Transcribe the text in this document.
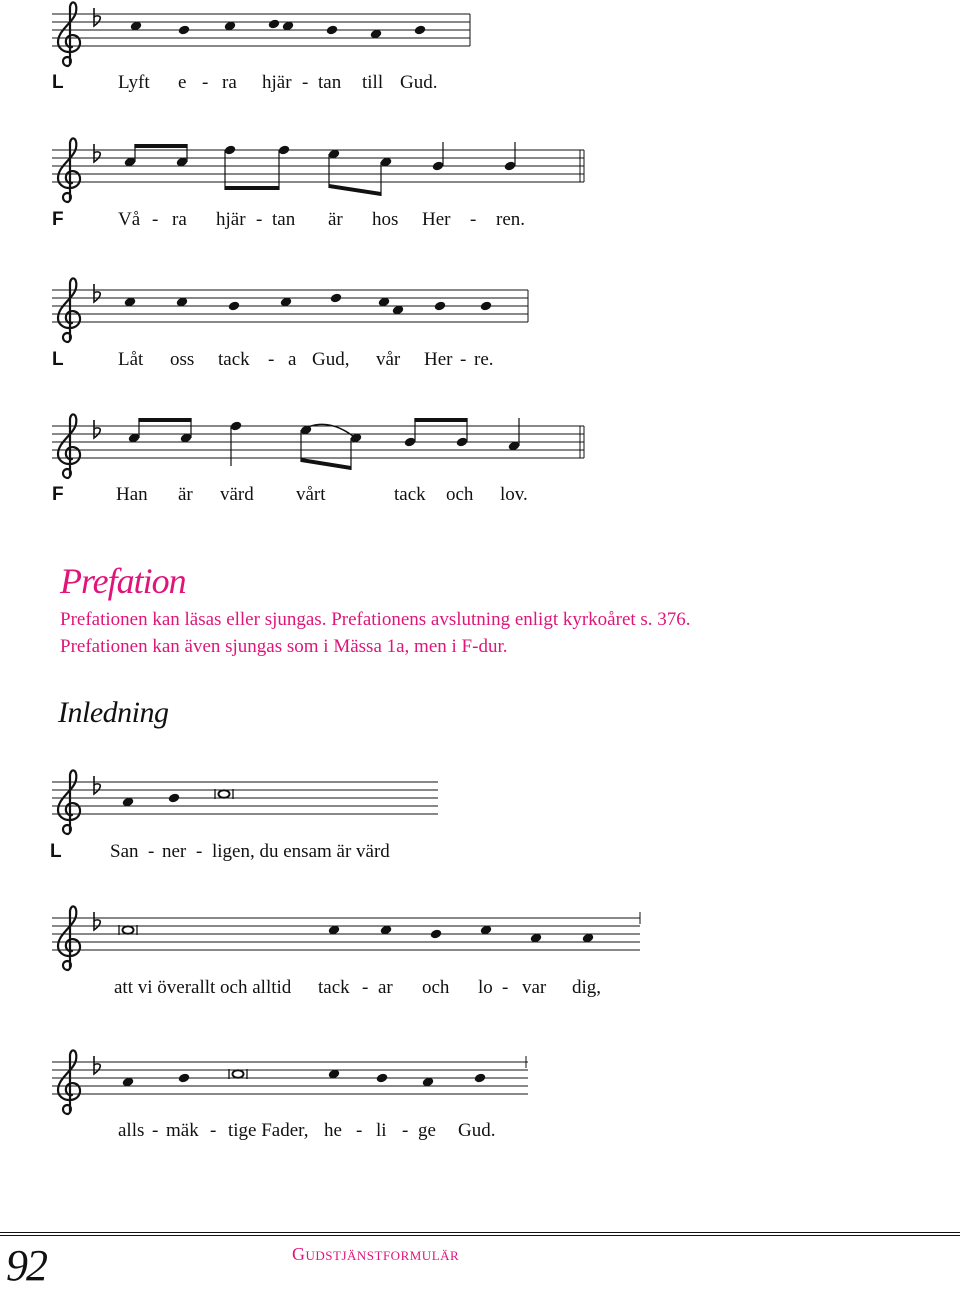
L	Lyft e - ra hjär - tan till Gud.
F	Vå - ra hjär - tan är hos Her - ren.
L	Låt oss tack - a Gud, vår Her - re.
F	Han är värd vårt	tack och lov.
Prefation
Prefationen kan läsas eller sjungas. Prefationens avslutning enligt kyrkoåret s. 376.
Prefationen kan även sjungas som i Mässa 1a, men i F-dur.
Inledning
L	San - ner - ligen, du ensam är värd
att vi överallt och alltid tack - ar och lo - var dig,
alls - mäk - tige Fader, he - li - ge Gud.
92	Gudstjänstformulär
